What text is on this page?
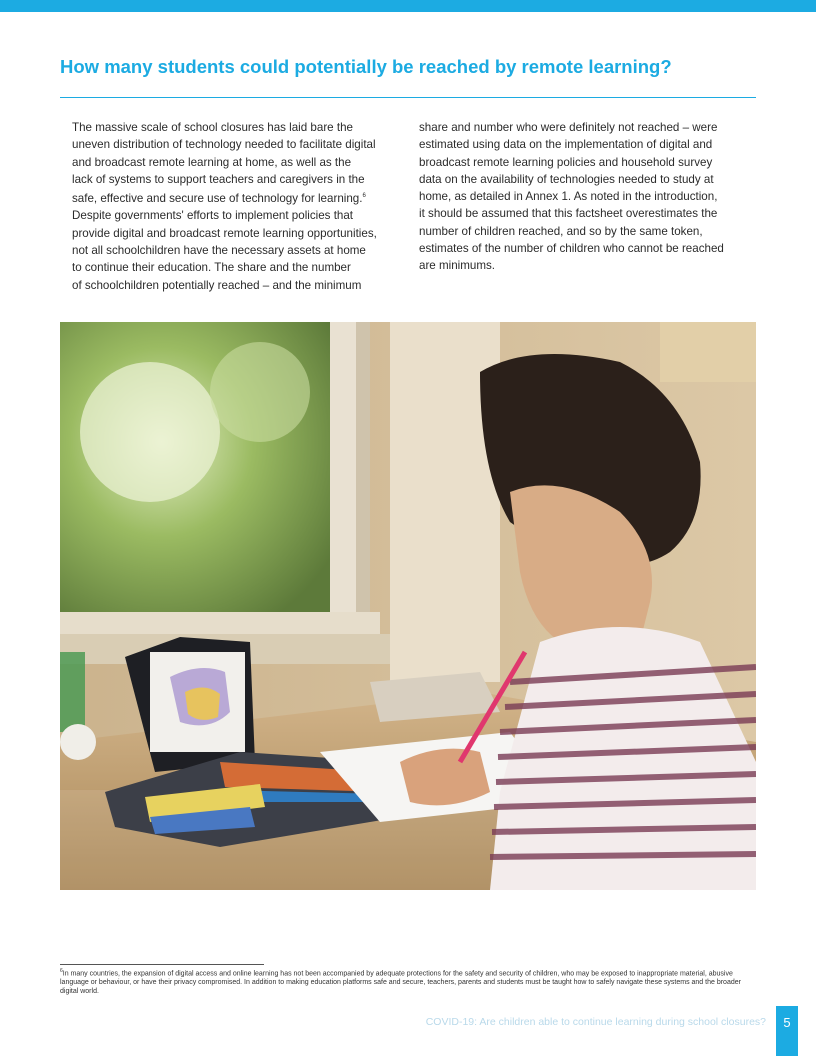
How many students could potentially be reached by remote learning?

The massive scale of school closures has laid bare the
uneven distribution of technology needed to facilitate digital
and broadcast remote learning at home, as well as the
lack of systems to support teachers and caregivers in the
safe, effective and secure use of technology for learning.$^6$
Despite governments' efforts to implement policies that
provide digital and broadcast remote learning opportunities,
not all schoolchildren have the necessary assets at home
to continue their education. The share and the number
of schoolchildren potentially reached – and the minimum

share and number who were definitely not reached – were
estimated using data on the implementation of digital and
broadcast remote learning policies and household survey
data on the availability of technologies needed to study at
home, as detailed in Annex 1. As noted in the introduction,
it should be assumed that this factsheet overestimates the
number of children reached, and so by the same token,
estimates of the number of children who cannot be reached
are minimums.

$^6$In many countries, the expansion of digital access and online learning has not been accompanied by adequate protections for the safety and security of children, who may be exposed to inappropriate material, abusive language or behaviour, or have their privacy compromised. In addition to making education platforms safe and secure, teachers, parents and students must be taught how to safely navigate these systems and the broader digital world.
COVID-19: Are children able to continue learning during school closures?	5
